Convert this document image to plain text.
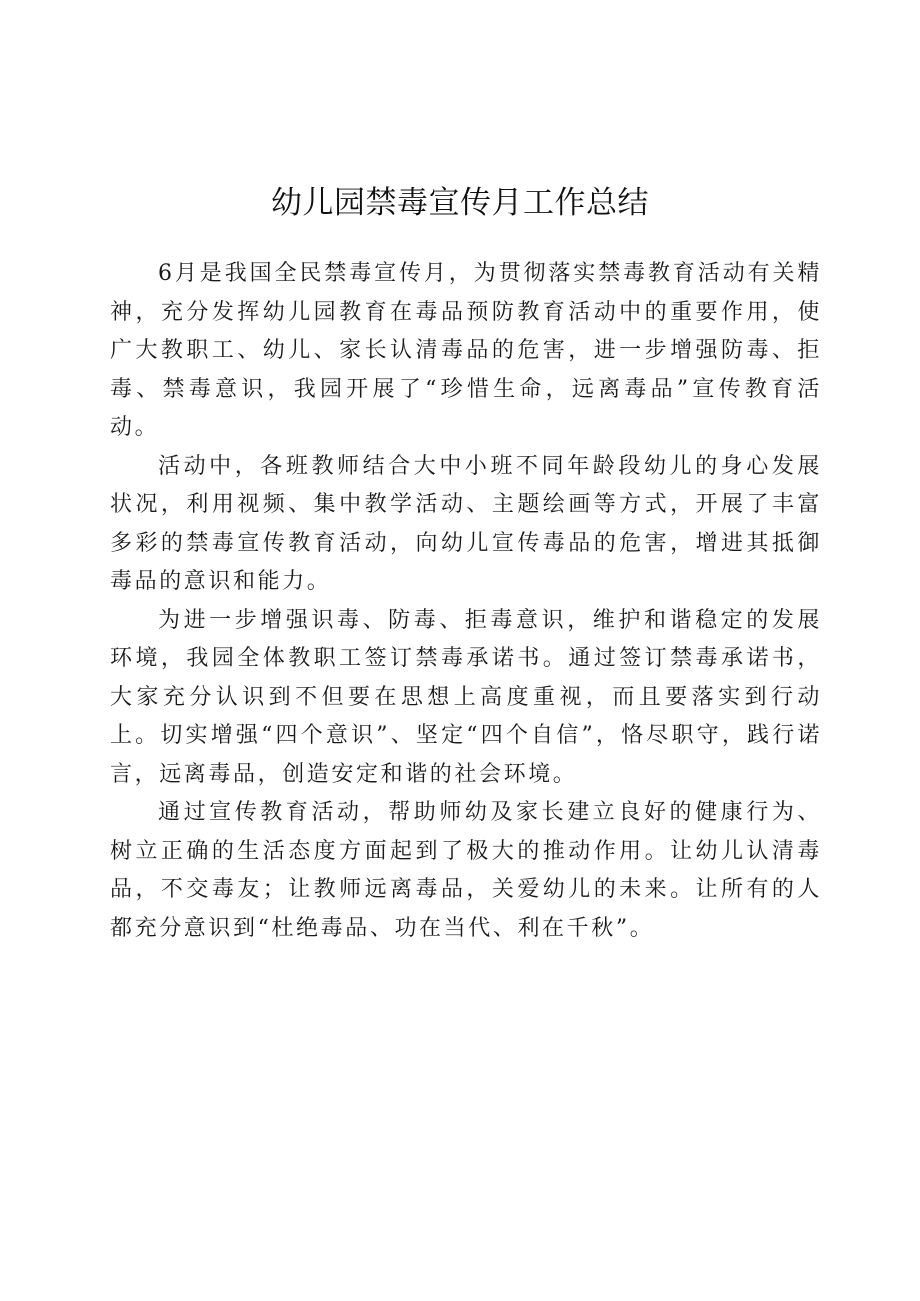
幼儿园禁毒宣传月工作总结

6月是我国全民禁毒宣传月，为贯彻落实禁毒教育活动有关精神，充分发挥幼儿园教育在毒品预防教育活动中的重要作用，使广大教职工、幼儿、家长认清毒品的危害，进一步增强防毒、拒毒、禁毒意识，我园开展了“珍惜生命，远离毒品”宣传教育活动。

活动中，各班教师结合大中小班不同年龄段幼儿的身心发展状况，利用视频、集中教学活动、主题绘画等方式，开展了丰富多彩的禁毒宣传教育活动，向幼儿宣传毒品的危害，增进其抵御毒品的意识和能力。

为进一步增强识毒、防毒、拒毒意识，维护和谐稳定的发展环境，我园全体教职工签订禁毒承诺书。通过签订禁毒承诺书，大家充分认识到不但要在思想上高度重视，而且要落实到行动上。切实增强“四个意识”、坚定“四个自信”，恪尽职守，践行诺言，远离毒品，创造安定和谐的社会环境。

通过宣传教育活动，帮助师幼及家长建立良好的健康行为、树立正确的生活态度方面起到了极大的推动作用。让幼儿认清毒品，不交毒友；让教师远离毒品，关爱幼儿的未来。让所有的人都充分意识到“杜绝毒品、功在当代、利在千秋”。
